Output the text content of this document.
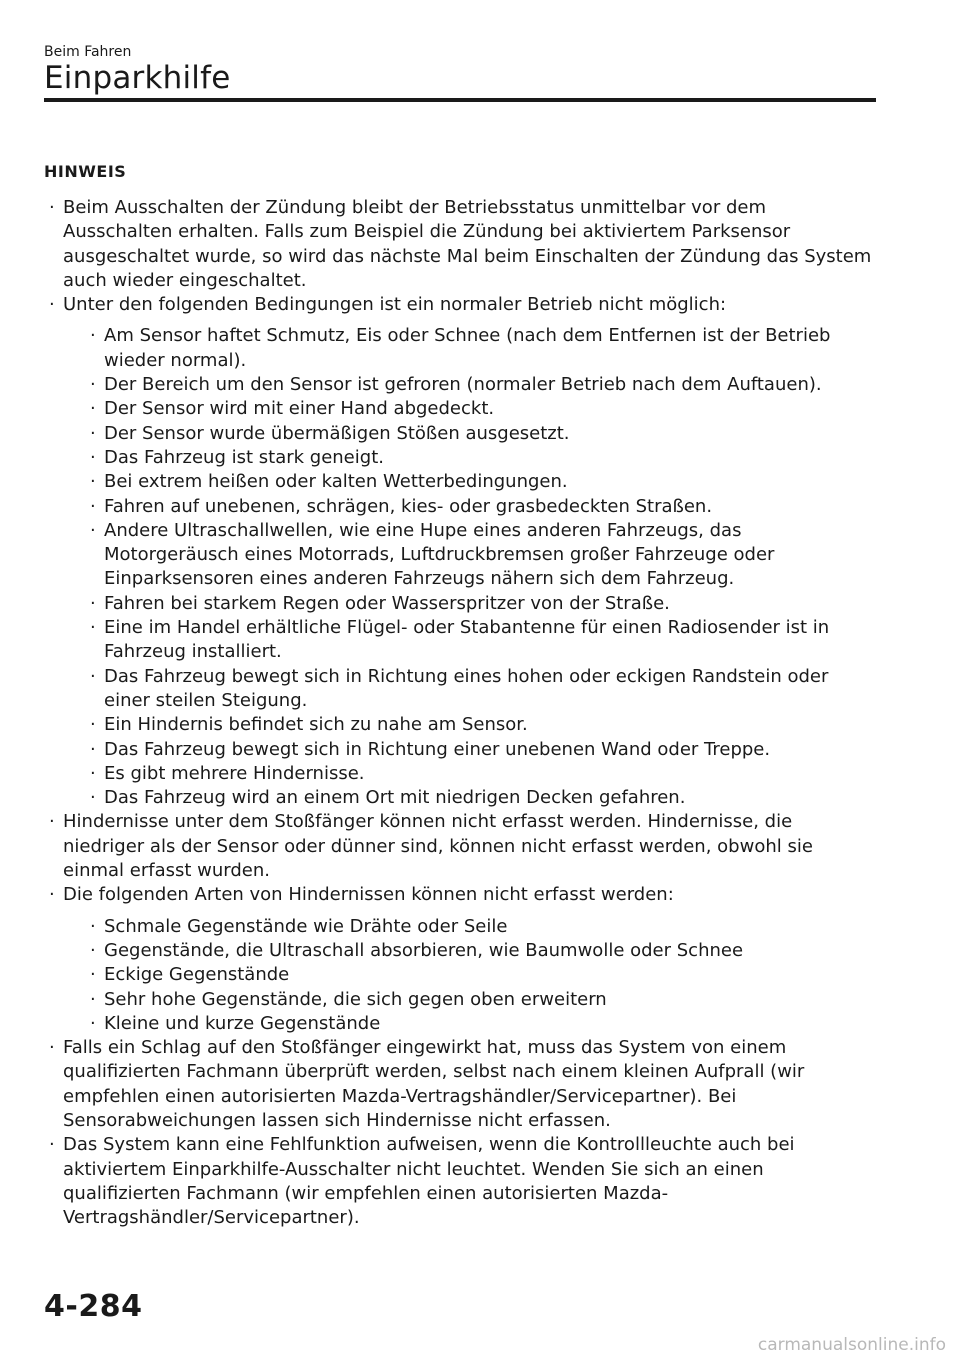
Beim Fahren
Einparkhilfe
HINWEIS
· Beim Ausschalten der Zündung bleibt der Betriebsstatus unmittelbar vor dem Ausschalten erhalten. Falls zum Beispiel die Zündung bei aktiviertem Parksensor ausgeschaltet wurde, so wird das nächste Mal beim Einschalten der Zündung das System auch wieder eingeschaltet.
· Unter den folgenden Bedingungen ist ein normaler Betrieb nicht möglich:
· Am Sensor haftet Schmutz, Eis oder Schnee (nach dem Entfernen ist der Betrieb wieder normal).
· Der Bereich um den Sensor ist gefroren (normaler Betrieb nach dem Auftauen).
· Der Sensor wird mit einer Hand abgedeckt.
· Der Sensor wurde übermäßigen Stößen ausgesetzt.
· Das Fahrzeug ist stark geneigt.
· Bei extrem heißen oder kalten Wetterbedingungen.
· Fahren auf unebenen, schrägen, kies- oder grasbedeckten Straßen.
· Andere Ultraschallwellen, wie eine Hupe eines anderen Fahrzeugs, das Motorgeräusch eines Motorrads, Luftdruckbremsen großer Fahrzeuge oder Einparksensoren eines anderen Fahrzeugs nähern sich dem Fahrzeug.
· Fahren bei starkem Regen oder Wasserspritzer von der Straße.
· Eine im Handel erhältliche Flügel- oder Stabantenne für einen Radiosender ist in Fahrzeug installiert.
· Das Fahrzeug bewegt sich in Richtung eines hohen oder eckigen Randstein oder einer steilen Steigung.
· Ein Hindernis befindet sich zu nahe am Sensor.
· Das Fahrzeug bewegt sich in Richtung einer unebenen Wand oder Treppe.
· Es gibt mehrere Hindernisse.
· Das Fahrzeug wird an einem Ort mit niedrigen Decken gefahren.
· Hindernisse unter dem Stoßfänger können nicht erfasst werden. Hindernisse, die niedriger als der Sensor oder dünner sind, können nicht erfasst werden, obwohl sie einmal erfasst wurden.
· Die folgenden Arten von Hindernissen können nicht erfasst werden:
· Schmale Gegenstände wie Drähte oder Seile
· Gegenstände, die Ultraschall absorbieren, wie Baumwolle oder Schnee
· Eckige Gegenstände
· Sehr hohe Gegenstände, die sich gegen oben erweitern
· Kleine und kurze Gegenstände
· Falls ein Schlag auf den Stoßfänger eingewirkt hat, muss das System von einem qualifizierten Fachmann überprüft werden, selbst nach einem kleinen Aufprall (wir empfehlen einen autorisierten Mazda-Vertragshändler/Servicepartner). Bei Sensorabweichungen lassen sich Hindernisse nicht erfassen.
· Das System kann eine Fehlfunktion aufweisen, wenn die Kontrollleuchte auch bei aktiviertem Einparkhilfe-Ausschalter nicht leuchtet. Wenden Sie sich an einen qualifizierten Fachmann (wir empfehlen einen autorisierten Mazda-Vertragshändler/Servicepartner).
4-284
carmanualsonline.info
